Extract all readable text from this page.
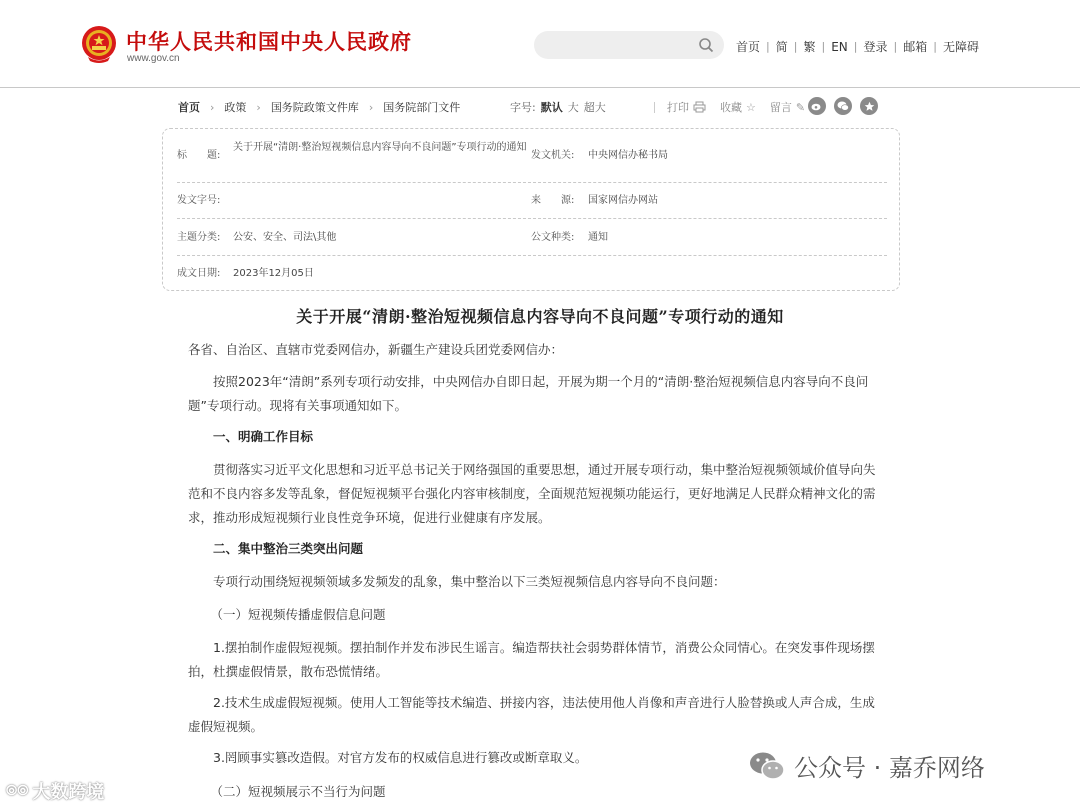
中华人民共和国中央人民政府
www.gov.cn
首页 | 简 | 繁 | EN | 登录 | 邮箱 | 无障碍
首页 › 政策 › 国务院政策文件库 › 国务院部门文件	字号: 默认 大 超大	打印	收藏 ☆ 留言 ✎
标　　题:
关于开展“清朗·整治短视频信息内容导向不良问题”专项行动的通知
发文机关: 中央网信办秘书局
发文字号:	来　　源: 国家网信办网站
主题分类: 公安、安全、司法\其他	公文种类: 通知
成文日期: 2023年12月05日
关于开展“清朗·整治短视频信息内容导向不良问题”专项行动的通知

各省、自治区、直辖市党委网信办，新疆生产建设兵团党委网信办：

按照2023年“清朗”系列专项行动安排，中央网信办自即日起，开展为期一个月的“清朗·整治短视频信息内容导向不良问题”专项行动。现将有关事项通知如下。

一、明确工作目标

贯彻落实习近平文化思想和习近平总书记关于网络强国的重要思想，通过开展专项行动，集中整治短视频领域价值导向失范和不良内容多发等乱象，督促短视频平台强化内容审核制度，全面规范短视频功能运行，更好地满足人民群众精神文化的需求，推动形成短视频行业良性竞争环境，促进行业健康有序发展。

二、集中整治三类突出问题

专项行动围绕短视频领域多发频发的乱象，集中整治以下三类短视频信息内容导向不良问题：

（一）短视频传播虚假信息问题

1.摆拍制作虚假短视频。摆拍制作并发布涉民生谣言。编造帮扶社会弱势群体情节，消费公众同情心。在突发事件现场摆拍，杜撰虚假情景，散布恐慌情绪。

2.技术生成虚假短视频。使用人工智能等技术编造、拼接内容，违法使用他人肖像和声音进行人脸替换或人声合成，生成虚假短视频。

3.罔顾事实篡改造假。对官方发布的权威信息进行篡改或断章取义。

（二）短视频展示不当行为问题

⦾⦾ 大数跨境
公众号 · 嘉乔网络
